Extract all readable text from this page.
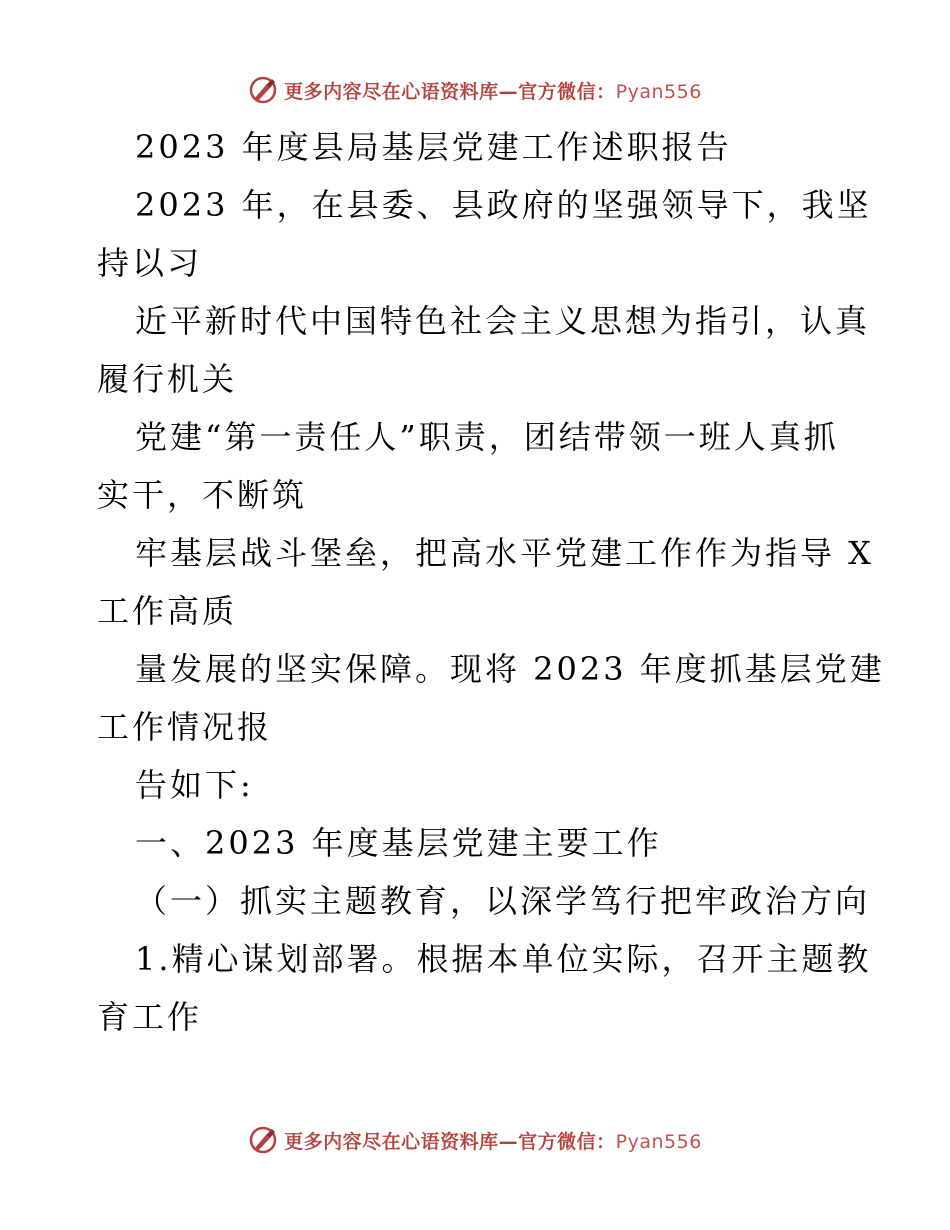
更多内容尽在心语资料库—官方微信：Pyan556
2023 年度县局基层党建工作述职报告
2023 年，在县委、县政府的坚强领导下，我坚
持以习
近平新时代中国特色社会主义思想为指引，认真
履行机关
党建“第一责任人”职责，团结带领一班人真抓
实干，不断筑
牢基层战斗堡垒，把高水平党建工作作为指导 X
工作高质
量发展的坚实保障。现将 2023 年度抓基层党建
工作情况报
告如下:
一、2023 年度基层党建主要工作
（一）抓实主题教育，以深学笃行把牢政治方向
1.精心谋划部署。根据本单位实际，召开主题教
育工作
更多内容尽在心语资料库—官方微信：Pyan556
